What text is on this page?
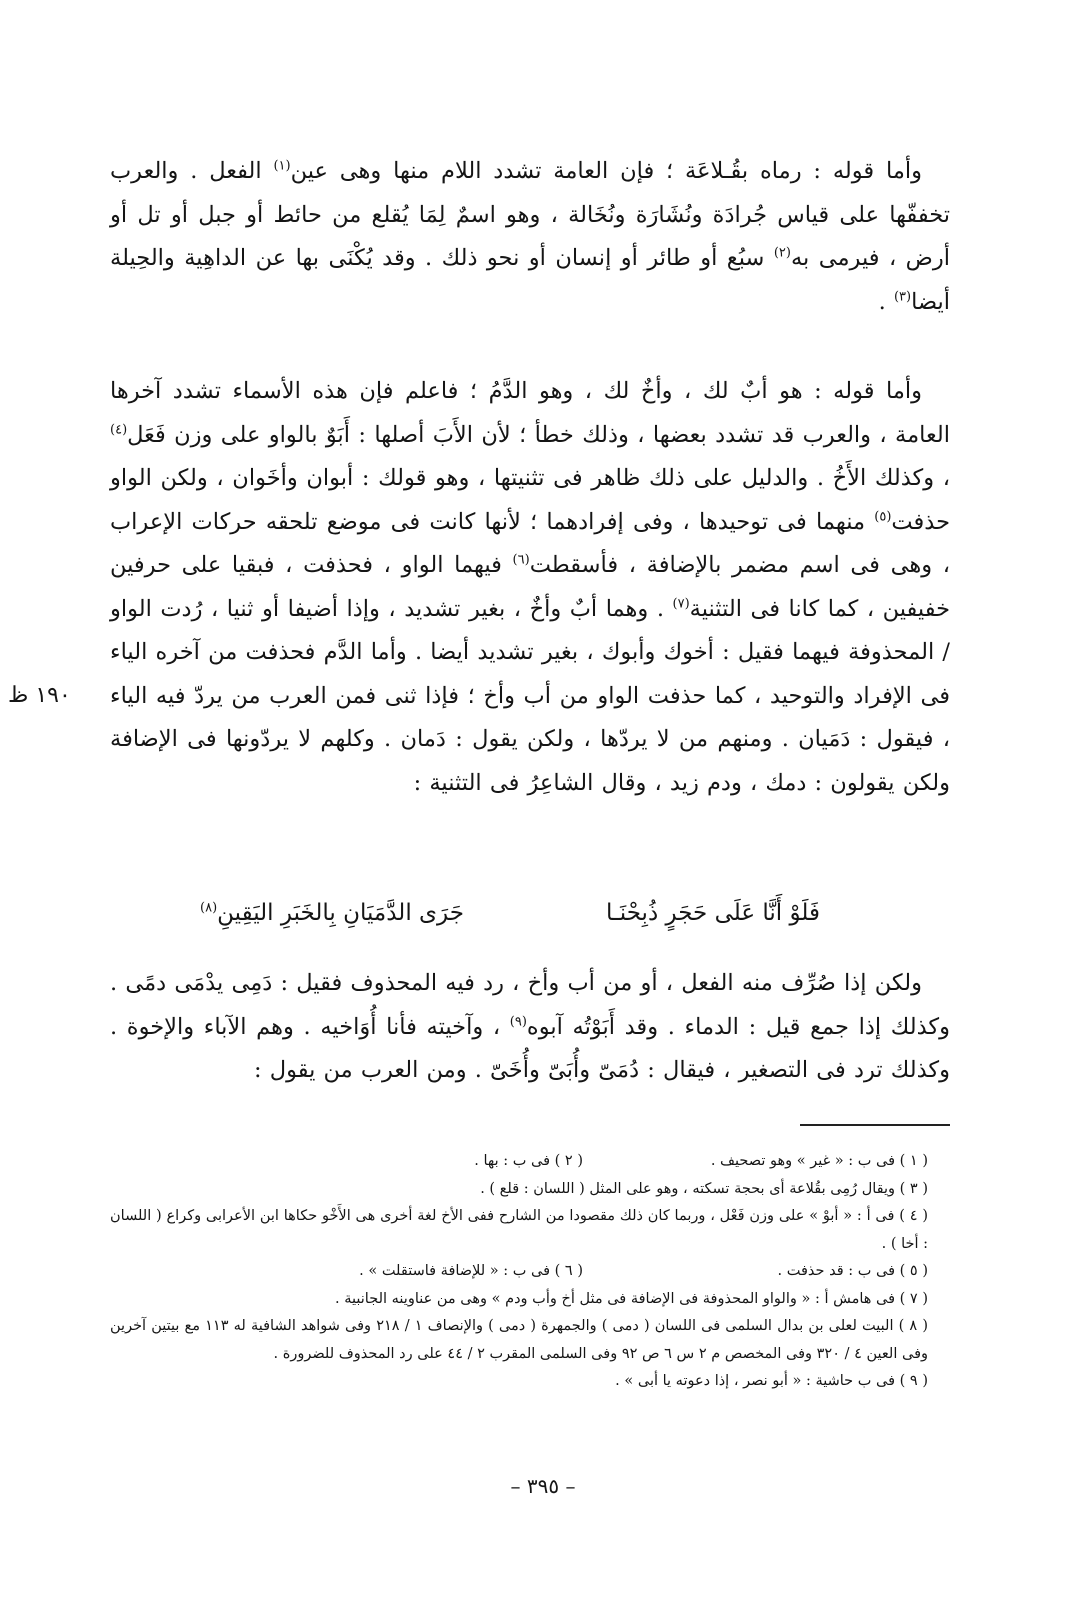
وأما قوله : رماه بقُـلاعَة ؛ فإن العامة تشدد اللام منها وهى عين$^{(١)}$ الفعل . والعرب تخففّها على قياس جُرادَة ونُشَارَة ونُخَالة ، وهو اسمٌ لِمَا يُقلع من حائط أو جبل أو تل أو أرض ، فيرمى به$^{(٢)}$ سبُع أو طائر أو إنسان أو نحو ذلك . وقد يُكْنَى بها عن الداهِية والحِيلة أيضا$^{(٣)}$ .

وأما قوله : هو أبٌ لك ، وأخٌ لك ، وهو الدَّمُ ؛ فاعلم فإن هذه الأسماء تشدد آخرها العامة ، والعرب قد تشدد بعضها ، وذلك خطأ ؛ لأن الأَبَ أصلها : أَبَوٌ بالواو على وزن فَعَل$^{(٤)}$ ، وكذلك الأَخُ . والدليل على ذلك ظاهر فى تثنيتها ، وهو قولك : أبوان وأخَوان ، ولكن الواو حذفت$^{(٥)}$ منهما فى توحيدها ، وفى إفرادهما ؛ لأنها كانت فى موضع تلحقه حركات الإعراب ، وهى فى اسم مضمر بالإضافة ، فأسقطت$^{(٦)}$ فيهما الواو ، فحذفت ، فبقيا على حرفين خفيفين ، كما كانا فى التثنية$^{(٧)}$ . وهما أبٌ وأخٌ ، بغير تشديد ، وإذا أضيفا أو ثنيا ، رُدت الواو / المحذوفة فيهما فقيل : أخوك وأبوك ، بغير تشديد أيضا . وأما الدَّم فحذفت من آخره الياء فى الإفراد والتوحيد ، كما حذفت الواو من أب وأخ ؛ فإذا ثنى فمن العرب من يردّ فيه الياء ، فيقول : دَمَيان . ومنهم من لا يردّها ، ولكن يقول : دَمان . وكلهم لا يردّونها فى الإضافة ولكن يقولون : دمك ، ودم زيد ، وقال الشاعِرُ فى التثنية :

١٩٠ ظ
فَلَوْ أَنَّا عَلَى حَجَرٍ ذُبِحْنَـا
جَرَى الدَّمَيَانِ بِالخَبَرِ اليَقِينِ$^{(٨)}$

ولكن إذا صُرِّف منه الفعل ، أو من أب وأخ ، رد فيه المحذوف فقيل : دَمِى يدْمَى دمًى . وكذلك إذا جمع قيل : الدماء . وقد أَبَوْتُه آبوه$^{(٩)}$ ، وآخيته فأنا أُوَاخيه . وهم الآباء والإخوة . وكذلك ترد فى التصغير ، فيقال : دُمَىّ وأُبَىّ وأُخَىّ . ومن العرب من يقول :

( ١ ) فى ب : « غير » وهو تصحيف .
( ٢ ) فى ب : بها .
( ٣ ) ويقال رُمِى بقُلاعة أى بحجة تسكته ، وهو على المثل ( اللسان : قلع ) .
( ٤ ) فى أ : « أبوْ » على وزن فَعْل ، وربما كان ذلك مقصودا من الشارح ففى الأخ لغة أخرى هى الأَخْو حكاها ابن الأعرابى وكراع ( اللسان : أخا ) .
( ٥ ) فى ب : قد حذفت .
( ٦ ) فى ب : « للإضافة فاستقلت » .
( ٧ ) فى هامش أ : « والواو المحذوفة فى الإضافة فى مثل أخ وأب ودم » وهى من عناوينه الجانبية .
( ٨ ) البيت لعلى بن بدال السلمى فى اللسان ( دمى ) والجمهرة ( دمى ) والإنصاف ١ / ٢١٨ وفى شواهد الشافية له ١١٣ مع بيتين آخرين وفى العين ٤ / ٣٢٠ وفى المخصص م ٢ س ٦ ص ٩٢ وفى السلمى المقرب ٢ / ٤٤ على رد المحذوف للضرورة .
( ٩ ) فى ب حاشية : « أبو نصر ، إذا دعوته يا أبى » .
– ٣٩٥ –
